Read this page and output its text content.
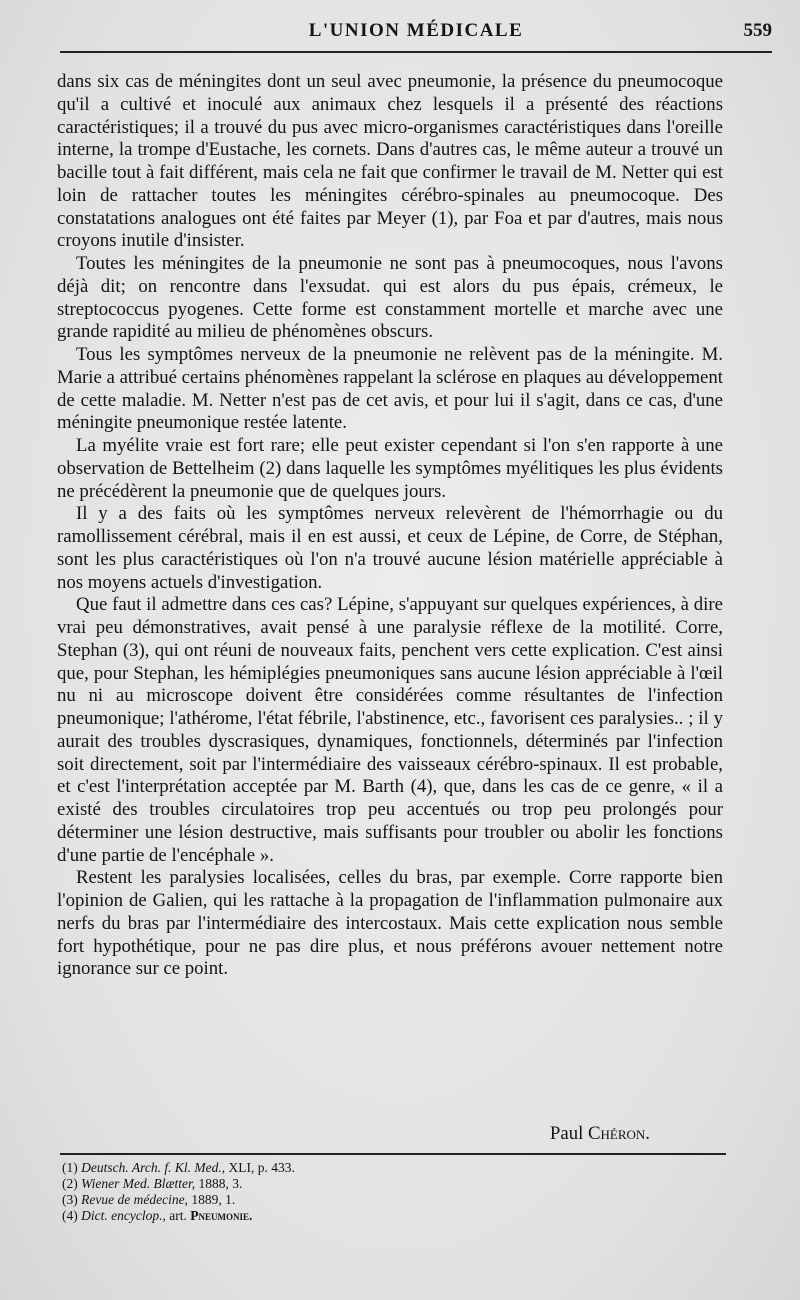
L'UNION MÉDICALE	559

dans six cas de méningites dont un seul avec pneumonie, la présence du pneumocoque qu'il a cultivé et inoculé aux animaux chez lesquels il a présenté des réactions caractéristiques; il a trouvé du pus avec micro-organismes caractéristiques dans l'oreille interne, la trompe d'Eustache, les cornets. Dans d'autres cas, le même auteur a trouvé un bacille tout à fait différent, mais cela ne fait que confirmer le travail de M. Netter qui est loin de rattacher toutes les méningites cérébro-spinales au pneumocoque. Des constatations analogues ont été faites par Meyer (1), par Foa et par d'autres, mais nous croyons inutile d'insister.

Toutes les méningites de la pneumonie ne sont pas à pneumocoques, nous l'avons déjà dit; on rencontre dans l'exsudat. qui est alors du pus épais, crémeux, le streptococcus pyogenes. Cette forme est constamment mortelle et marche avec une grande rapidité au milieu de phénomènes obscurs.

Tous les symptômes nerveux de la pneumonie ne relèvent pas de la méningite. M. Marie a attribué certains phénomènes rappelant la sclérose en plaques au développement de cette maladie. M. Netter n'est pas de cet avis, et pour lui il s'agit, dans ce cas, d'une méningite pneumonique restée latente.

La myélite vraie est fort rare; elle peut exister cependant si l'on s'en rapporte à une observation de Bettelheim (2) dans laquelle les symptômes myélitiques les plus évidents ne précédèrent la pneumonie que de quelques jours.

Il y a des faits où les symptômes nerveux relevèrent de l'hémorrhagie ou du ramollissement cérébral, mais il en est aussi, et ceux de Lépine, de Corre, de Stéphan, sont les plus caractéristiques où l'on n'a trouvé aucune lésion matérielle appréciable à nos moyens actuels d'investigation.

Que faut il admettre dans ces cas? Lépine, s'appuyant sur quelques expériences, à dire vrai peu démonstratives, avait pensé à une paralysie réflexe de la motilité. Corre, Stephan (3), qui ont réuni de nouveaux faits, penchent vers cette explication. C'est ainsi que, pour Stephan, les hémiplégies pneumoniques sans aucune lésion appréciable à l'œil nu ni au microscope doivent être considérées comme résultantes de l'infection pneumonique; l'athérome, l'état fébrile, l'abstinence, etc., favorisent ces paralysies.. ; il y aurait des troubles dyscrasiques, dynamiques, fonctionnels, déterminés par l'infection soit directement, soit par l'intermédiaire des vaisseaux cérébro-spinaux. Il est probable, et c'est l'interprétation acceptée par M. Barth (4), que, dans les cas de ce genre, « il a existé des troubles circulatoires trop peu accentués ou trop peu prolongés pour déterminer une lésion destructive, mais suffisants pour troubler ou abolir les fonctions d'une partie de l'encéphale ».

Restent les paralysies localisées, celles du bras, par exemple. Corre rapporte bien l'opinion de Galien, qui les rattache à la propagation de l'inflammation pulmonaire aux nerfs du bras par l'intermédiaire des intercostaux. Mais cette explication nous semble fort hypothétique, pour ne pas dire plus, et nous préférons avouer nettement notre ignorance sur ce point.

Paul Chéron.
(1) Deutsch. Arch. f. Kl. Med., XLI, p. 433.
(2) Wiener Med. Blætter, 1888, 3.
(3) Revue de médecine, 1889, 1.
(4) Dict. encyclop., art. Pneumonie.
